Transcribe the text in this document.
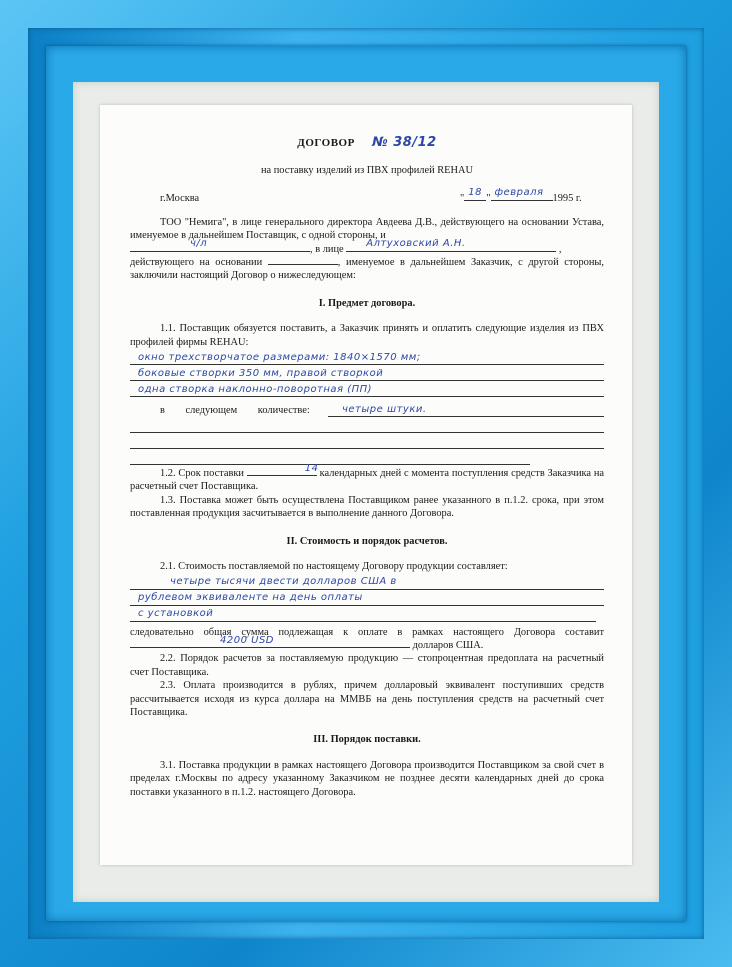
ДОГОВОР № 38/12
на поставку изделий из ПВХ профилей REHAU
г.Москва	" 18 " февраля 1995 г.

ТОО "Немига", в лице генерального директора Авдеева Д.В., действующего на основании Устава, именуемое в дальнейшем Поставщик, с одной стороны, и

ч/л	, в лице Алтуховский А.Н.	,

действующего на основании	, именуемое в дальнейшем Заказчик, с другой стороны, заключили настоящий Договор о нижеследующем:

I. Предмет договора.

1.1. Поставщик обязуется поставить, а Заказчик принять и оплатить следующие изделия из ПВХ профилей фирмы REHAU:

окно трехстворчатое размерами: 1840×1570 мм;
боковые створки 350 мм, правой створкой
одна створка наклонно-поворотная (ПП)
в следующем количестве:	четыре штуки.

1.2. Срок поставки	14 календарных дней с момента поступления средств Заказчика на расчетный счет Поставщика.

1.3. Поставка может быть осуществлена Поставщиком ранее указанного в п.1.2. срока, при этом поставленная продукция засчитывается в выполнение данного Договора.

II. Стоимость и порядок расчетов.

2.1. Стоимость поставляемой по настоящему Договору продукции составляет:

четыре тысячи двести долларов США в
рублевом эквиваленте на день оплаты
с установкой

следовательно общая сумма подлежащая к оплате в рамках настоящего Договора составит
4200 USD	долларов США.

2.2. Порядок расчетов за поставляемую продукцию — стопроцентная предоплата на расчетный счет Поставщика.

2.3. Оплата производится в рублях, причем долларовый эквивалент поступивших средств рассчитывается исходя из курса доллара на ММВБ на день поступления средств на расчетный счет Поставщика.

III. Порядок поставки.

3.1. Поставка продукции в рамках настоящего Договора производится Поставщиком за свой счет в пределах г.Москвы по адресу указанному Заказчиком не позднее десяти календарных дней до срока поставки указанного в п.1.2. настоящего Договора.
